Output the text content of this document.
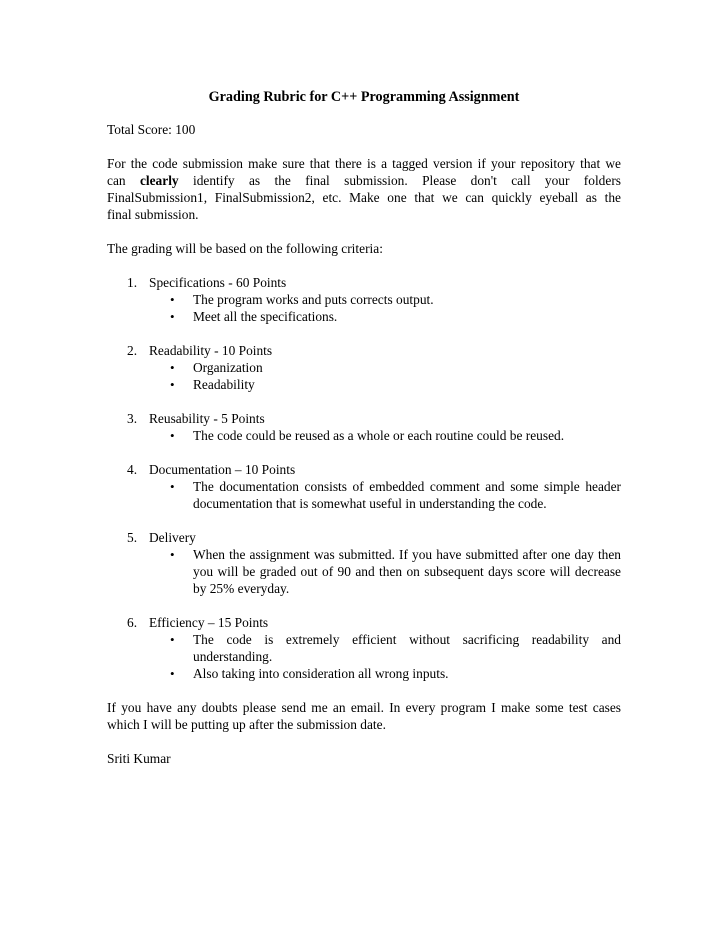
Grading Rubric for C++ Programming Assignment

Total Score: 100

For the code submission make sure that there is a tagged version if your repository that we
can clearly identify as the final submission. Please don't call your folders
FinalSubmission1, FinalSubmission2, etc. Make one that we can quickly eyeball as the
final submission.

The grading will be based on the following criteria:

1. Specifications - 60 Points
• The program works and puts corrects output.
• Meet all the specifications.
2. Readability - 10 Points
• Organization
• Readability
3. Reusability - 5 Points
• The code could be reused as a whole or each routine could be reused.
4. Documentation – 10 Points
• The documentation consists of embedded comment and some simple header documentation that is somewhat useful in understanding the code.
5. Delivery
• When the assignment was submitted. If you have submitted after one day then you will be graded out of 90 and then on subsequent days score will decrease by 25% everyday.
6. Efficiency – 15 Points
• The code is extremely efficient without sacrificing readability and understanding.
• Also taking into consideration all wrong inputs.

If you have any doubts please send me an email. In every program I make some test cases
which I will be putting up after the submission date.

Sriti Kumar
